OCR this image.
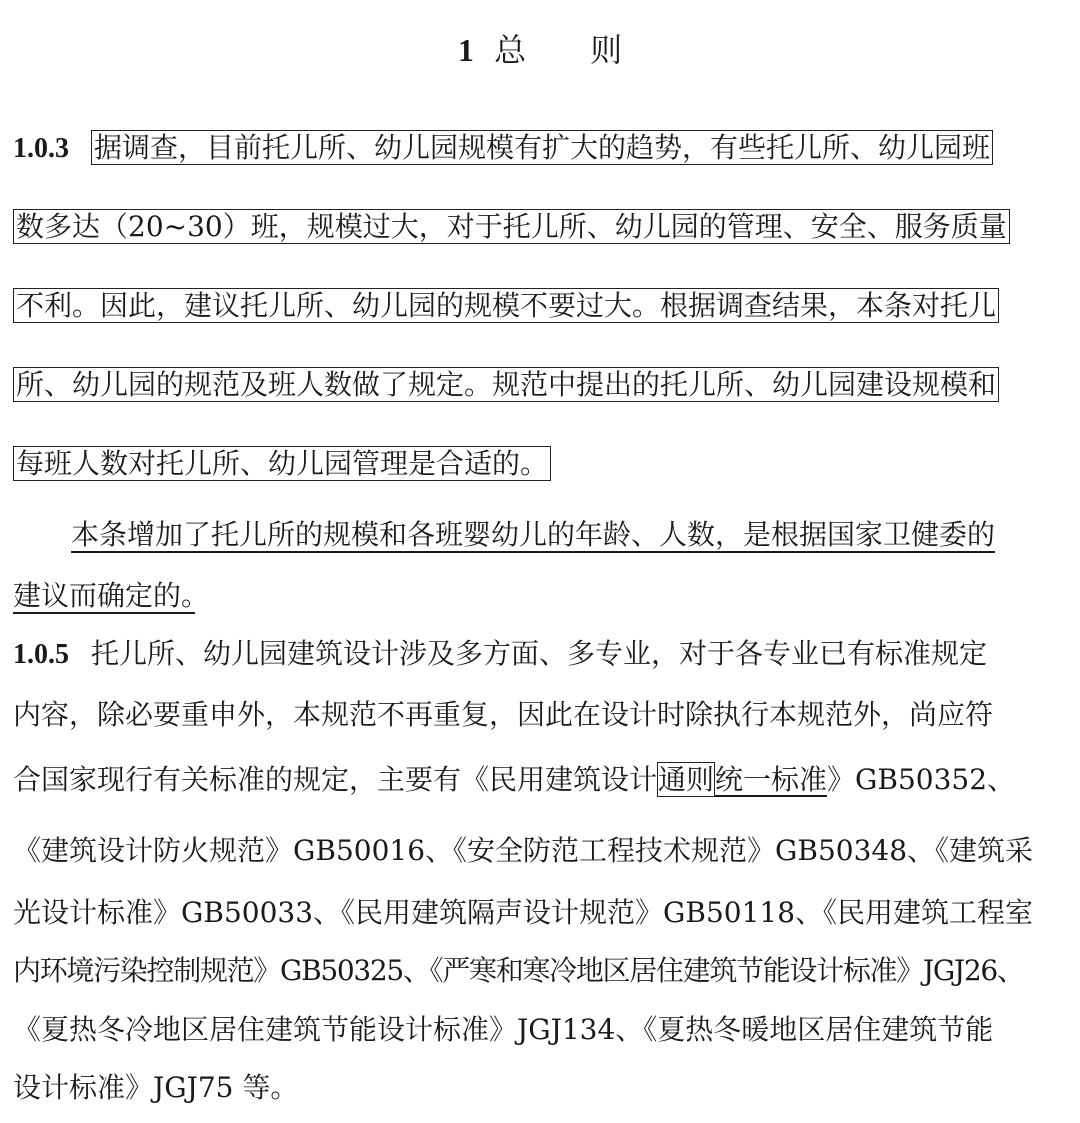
1 总　　则
1.0.3 据调查，目前托儿所、幼儿园规模有扩大的趋势，有些托儿所、幼儿园班
数多达（20~30）班，规模过大，对于托儿所、幼儿园的管理、安全、服务质量
不利。因此，建议托儿所、幼儿园的规模不要过大。根据调查结果，本条对托儿
所、幼儿园的规范及班人数做了规定。规范中提出的托儿所、幼儿园建设规模和
每班人数对托儿所、幼儿园管理是合适的。
本条增加了托儿所的规模和各班婴幼儿的年龄、人数，是根据国家卫健委的
建议而确定的。　
1.0.5 托儿所、幼儿园建筑设计涉及多方面、多专业，对于各专业已有标准规定
内容，除必要重申外，本规范不再重复，因此在设计时除执行本规范外，尚应符
合国家现行有关标准的规定，主要有《民用建筑设计通则统一标准》GB50352、
《建筑设计防火规范》GB50016、《安全防范工程技术规范》GB50348、《建筑采
光设计标准》GB50033、《民用建筑隔声设计规范》GB50118、《民用建筑工程室
内环境污染控制规范》GB50325、《严寒和寒冷地区居住建筑节能设计标准》JGJ26、
《夏热冬冷地区居住建筑节能设计标准》JGJ134、《夏热冬暖地区居住建筑节能
设计标准》JGJ75 等。
